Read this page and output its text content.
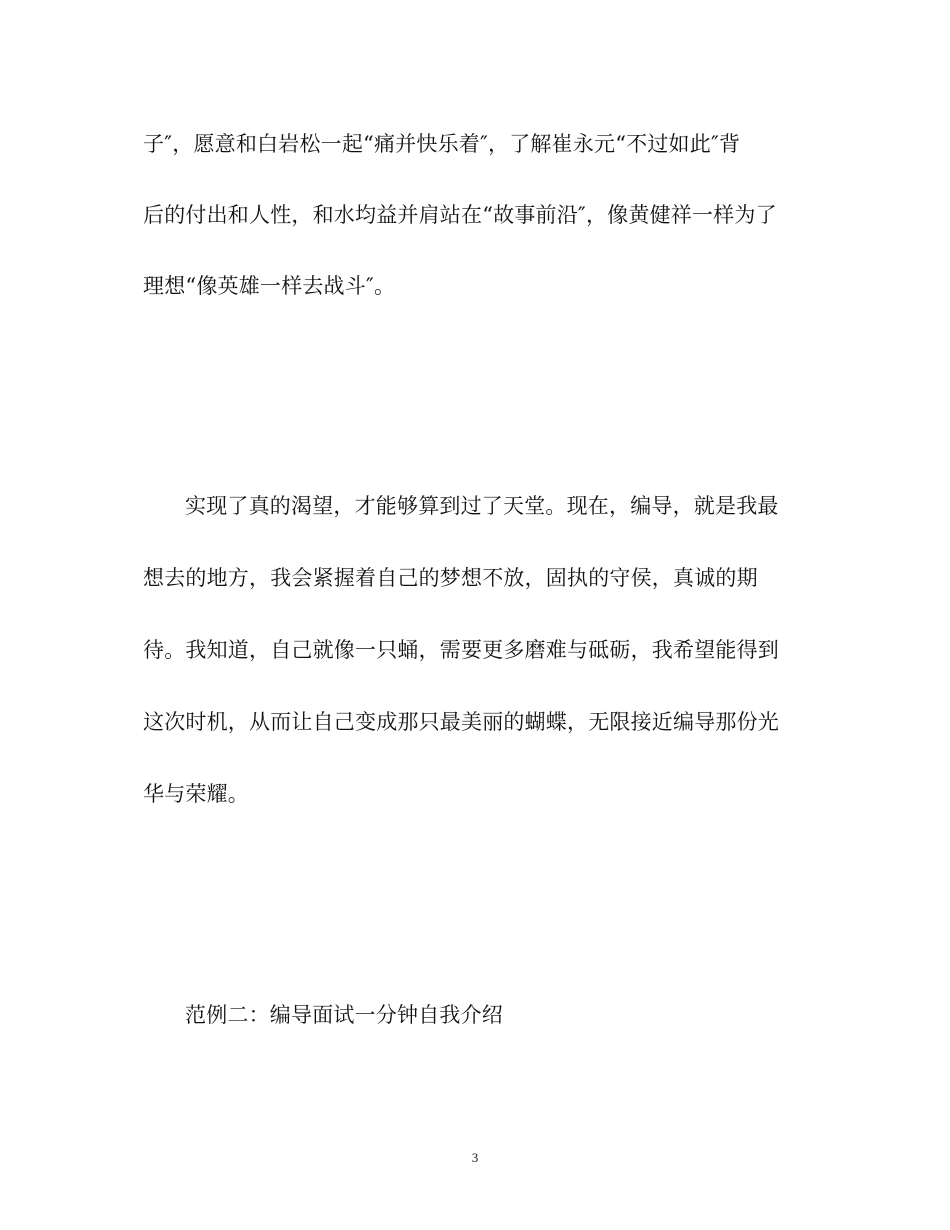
子″，愿意和白岩松一起“痛并快乐着″，了解崔永元“不过如此″背
后的付出和人性，和水均益并肩站在“故事前沿″，像黄健祥一样为了
理想“像英雄一样去战斗″。
实现了真的渴望，才能够算到过了天堂。现在，编导，就是我最
想去的地方，我会紧握着自己的梦想不放，固执的守侯，真诚的期
待。我知道，自己就像一只蛹，需要更多磨难与砥砺，我希望能得到
这次时机，从而让自己变成那只最美丽的蝴蝶，无限接近编导那份光
华与荣耀。
范例二：编导面试一分钟自我介绍
3
